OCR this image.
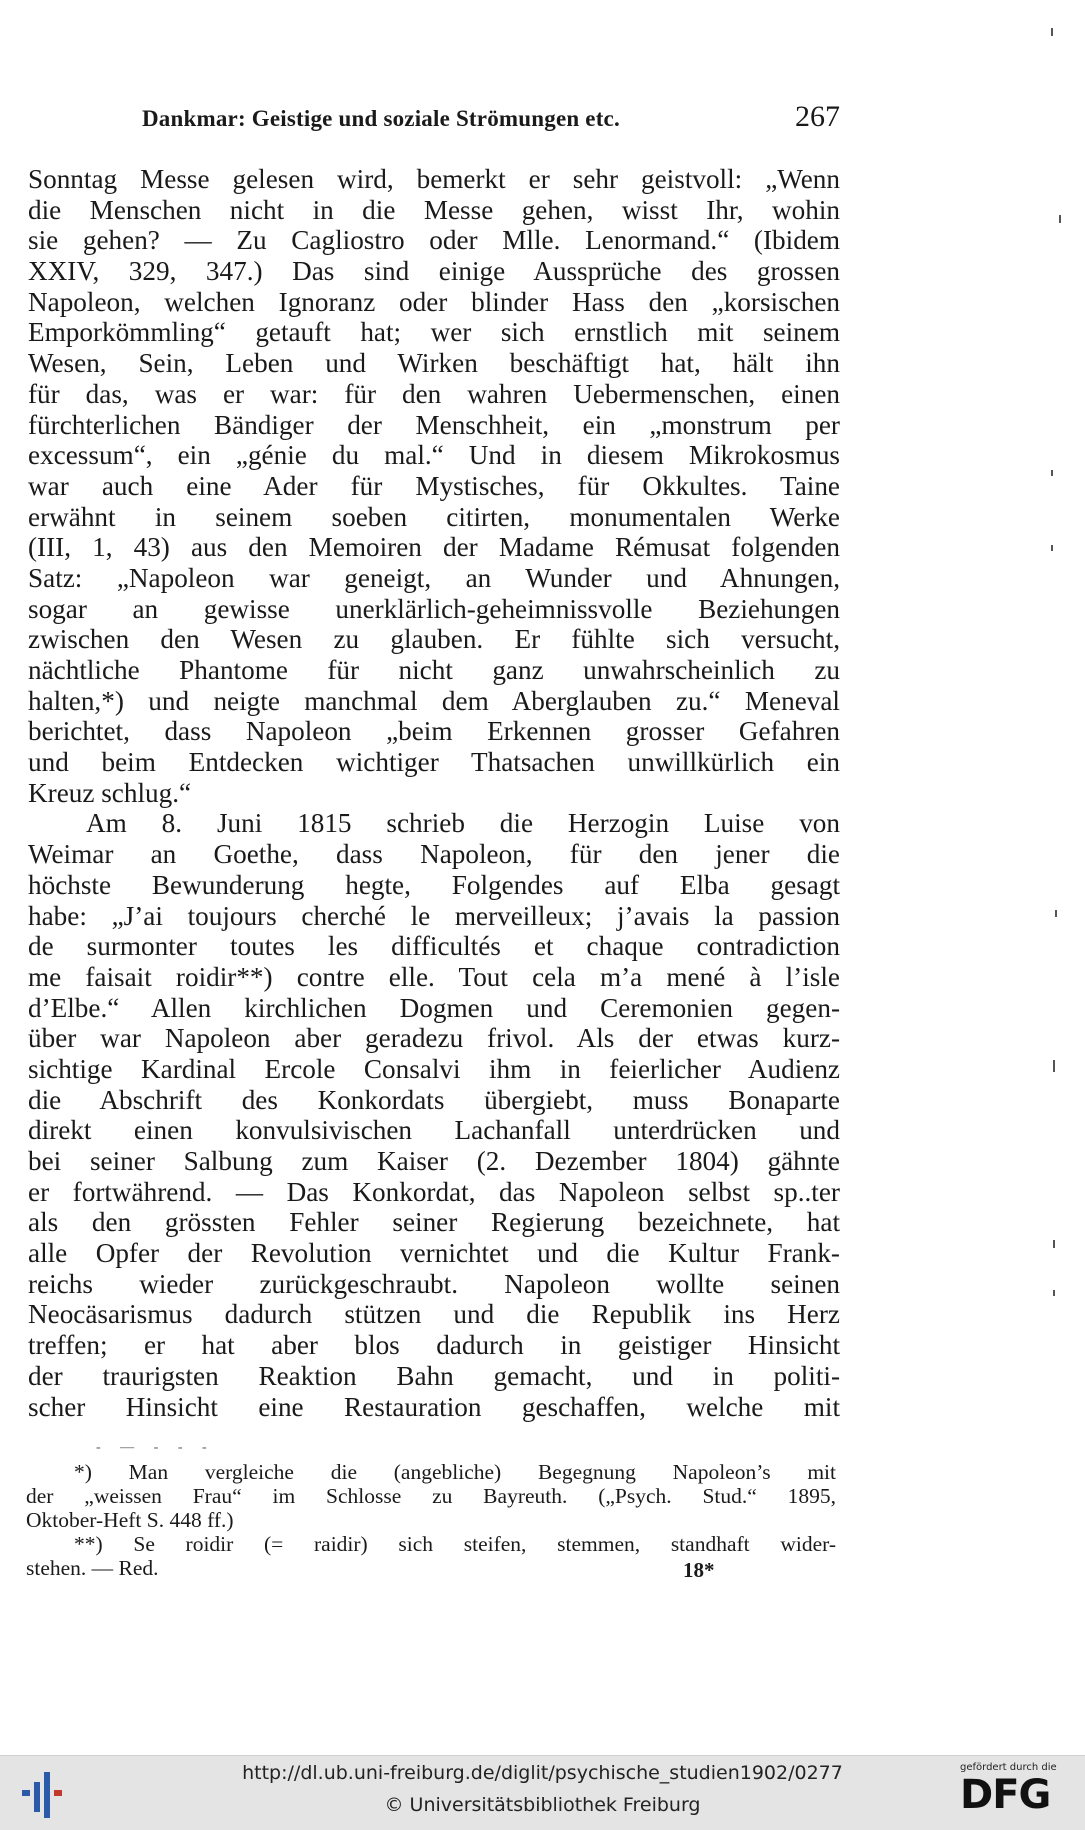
Dankmar: Geistige und soziale Strömungen etc.	267
Sonntag Messe gelesen wird, bemerkt er sehr geistvoll: „Wenn
die Menschen nicht in die Messe gehen, wisst Ihr, wohin
sie gehen? — Zu Cagliostro oder Mlle. Lenormand.“ (Ibidem
XXIV, 329, 347.) Das sind einige Aussprüche des grossen
Napoleon, welchen Ignoranz oder blinder Hass den „korsischen
Emporkömmling“ getauft hat; wer sich ernstlich mit seinem
Wesen, Sein, Leben und Wirken beschäftigt hat, hält ihn
für das, was er war: für den wahren Uebermenschen, einen
fürchterlichen Bändiger der Menschheit, ein „monstrum per
excessum“, ein „génie du mal.“ Und in diesem Mikrokosmus
war auch eine Ader für Mystisches, für Okkultes. Taine
erwähnt in seinem soeben citirten, monumentalen Werke
(III, 1, 43) aus den Memoiren der Madame Rémusat folgenden
Satz: „Napoleon war geneigt, an Wunder und Ahnungen,
sogar an gewisse unerklärlich-geheimnissvolle Beziehungen
zwischen den Wesen zu glauben. Er fühlte sich versucht,
nächtliche Phantome für nicht ganz unwahrscheinlich zu
halten,*) und neigte manchmal dem Aberglauben zu.“ Meneval
berichtet, dass Napoleon „beim Erkennen grosser Gefahren
und beim Entdecken wichtiger Thatsachen unwillkürlich ein
Kreuz schlug.“
Am 8. Juni 1815 schrieb die Herzogin Luise von
Weimar an Goethe, dass Napoleon, für den jener die
höchste Bewunderung hegte, Folgendes auf Elba gesagt
habe: „J’ai toujours cherché le merveilleux; j’avais la passion
de surmonter toutes les difficultés et chaque contradiction
me faisait roidir**) contre elle. Tout cela m’a mené à l’isle
d’Elbe.“ Allen kirchlichen Dogmen und Ceremonien gegen-
über war Napoleon aber geradezu frivol. Als der etwas kurz-
sichtige Kardinal Ercole Consalvi ihm in feierlicher Audienz
die Abschrift des Konkordats übergiebt, muss Bonaparte
direkt einen konvulsivischen Lachanfall unterdrücken und
bei seiner Salbung zum Kaiser (2. Dezember 1804) gähnte
er fortwährend. — Das Konkordat, das Napoleon selbst sp..ter
als den grössten Fehler seiner Regierung bezeichnete, hat
alle Opfer der Revolution vernichtet und die Kultur Frank-
reichs wieder zurückgeschraubt. Napoleon wollte seinen
Neocäsarismus dadurch stützen und die Republik ins Herz
treffen; er hat aber blos dadurch in geistiger Hinsicht
der traurigsten Reaktion Bahn gemacht, und in politi-
scher Hinsicht eine Restauration geschaffen, welche mit
- — - - -
*) Man vergleiche die (angebliche) Begegnung Napoleon’s mit
der „weissen Frau“ im Schlosse zu Bayreuth. („Psych. Stud.“ 1895,
Oktober-Heft S. 448 ff.)
**) Se roidir (= raidir) sich steifen, stemmen, standhaft wider-
stehen. — Red.	18*
http://dl.ub.uni-freiburg.de/diglit/psychische_studien1902/0277
© Universitätsbibliothek Freiburg
gefördert durch die
DFG
